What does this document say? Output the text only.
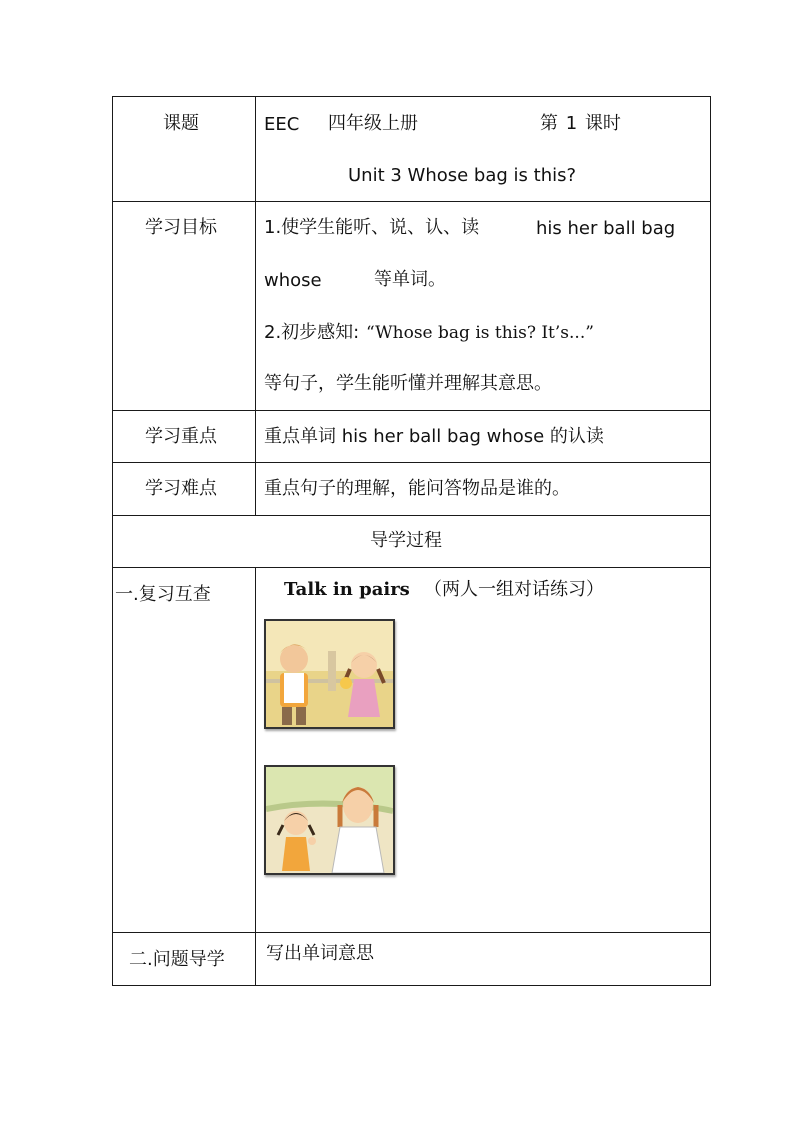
课题	EEC 四年级上册	第 1 课时
Unit 3 Whose bag is this?
学习目标	1.使学生能听、说、认、读	his her ball bag
whose	等单词。
2.初步感知: “Whose bag is this? It’s...”
等句子，学生能听懂并理解其意思。
学习重点	重点单词 his her ball bag whose 的认读
学习难点	重点句子的理解，能问答物品是谁的。
导学过程
一.复习互查	Talk in pairs （两人一组对话练习）
二.问题导学 写出单词意思
